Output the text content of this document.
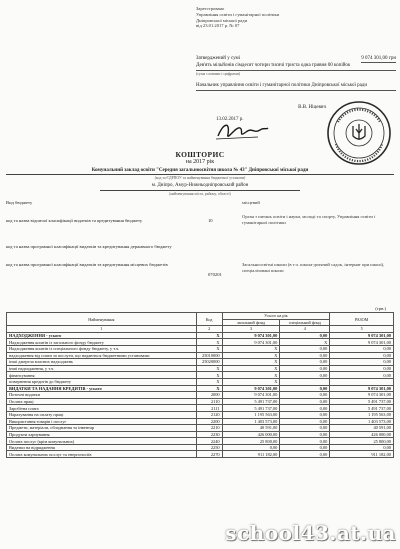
Зареєстровано
Управління освіти і гуманітарної політики
Дніпровської міської ради
від 23.01.2017 р. № 07
Затверджений у сумі	9 074 301,00 грн
Дев'ять мільйонів сімдесят чотири тисячі триста одна гривня 00 копійок
(сума словами і цифрами)
Начальник управління освіти і гуманітарної політики Дніпровської міської ради
В.В. Ніцевич
13.02.2017 р.
КОШТОРИС
на 2017 рік
Комунальний заклад освіти "Середня загальноосвітня школа № 43" Дніпровської міської ради
(код за ЄДРПОУ та найменування бюджетної установи)
м. Дніпро, Амур-Нижньодніпровський район
(найменування міста, району, області)
Вид бюджету	місцевий
код та назва відомчої класифікації видатків та кредитування бюджету	10
Орган з питань освіти і науки, молоді та спорту, Управління освіти і гуманітарної політики
код та назва програмної класифікації видатків та кредитування державного бюджету
код та назва програмної класифікації видатків та кредитування місцевих бюджетів
070201
Загальноосвітні школи (в т.ч. школа-дитячий садок, інтернат при школі), спеціалізовані школи
(грн.)
Найменування	Код	Усього на рік		РАЗОМ
		загальний фонд	спеціальний фонд	
1	2	3	4	5
НАДХОДЖЕННЯ - усього	X	9 074 301,00	0,00	9 074 301,00
Надходження коштів із загального фонду бюджету	X	9 074 301,00	X	9 074 301,00
Надходження коштів із спеціального фонду бюджету, у т.ч.	X	X	0,00	0,00
надходження від плати за послуги, що надаються бюджетними установами	25010000	X	0,00	0,00
інші джерела власних надходжень	25020000	X	0,00	0,00
інші надходження, у т.ч.	X	X	0,00	0,00
фінансування	X	X	0,00	0,00
повернення кредитів до бюджету	X	X		
ВИДАТКИ ТА НАДАННЯ КРЕДИТІВ - усього	X	9 074 301,00	0,00	9 074 301,00
Поточні видатки	2000	9 074 301,00	0,00	9 074 301,00
Оплата праці	2110	5 491 737,00	0,00	5 491 737,00
Заробітна плата	2111	5 491 737,00	0,00	5 491 737,00
Нарахування на оплату праці	2120	1 195 563,00	0,00	1 195 563,00
Використання товарів і послуг	2200	1 403 573,00	0,00	1 403 573,00
Предмети, матеріали, обладнання та інвентар	2210	40 591,00	0,00	40 591,00
Продукти харчування	2230	426 000,00	0,00	426 000,00
Оплата послуг (крім комунальних)	2240	25 800,00	0,00	25 800,00
Видатки на відрядження	2250	0,00	0,00	0,00
Оплата комунальних послуг та енергоносіїв	2270	911 182,00	0,00	911 182,00
school43.at.ua
